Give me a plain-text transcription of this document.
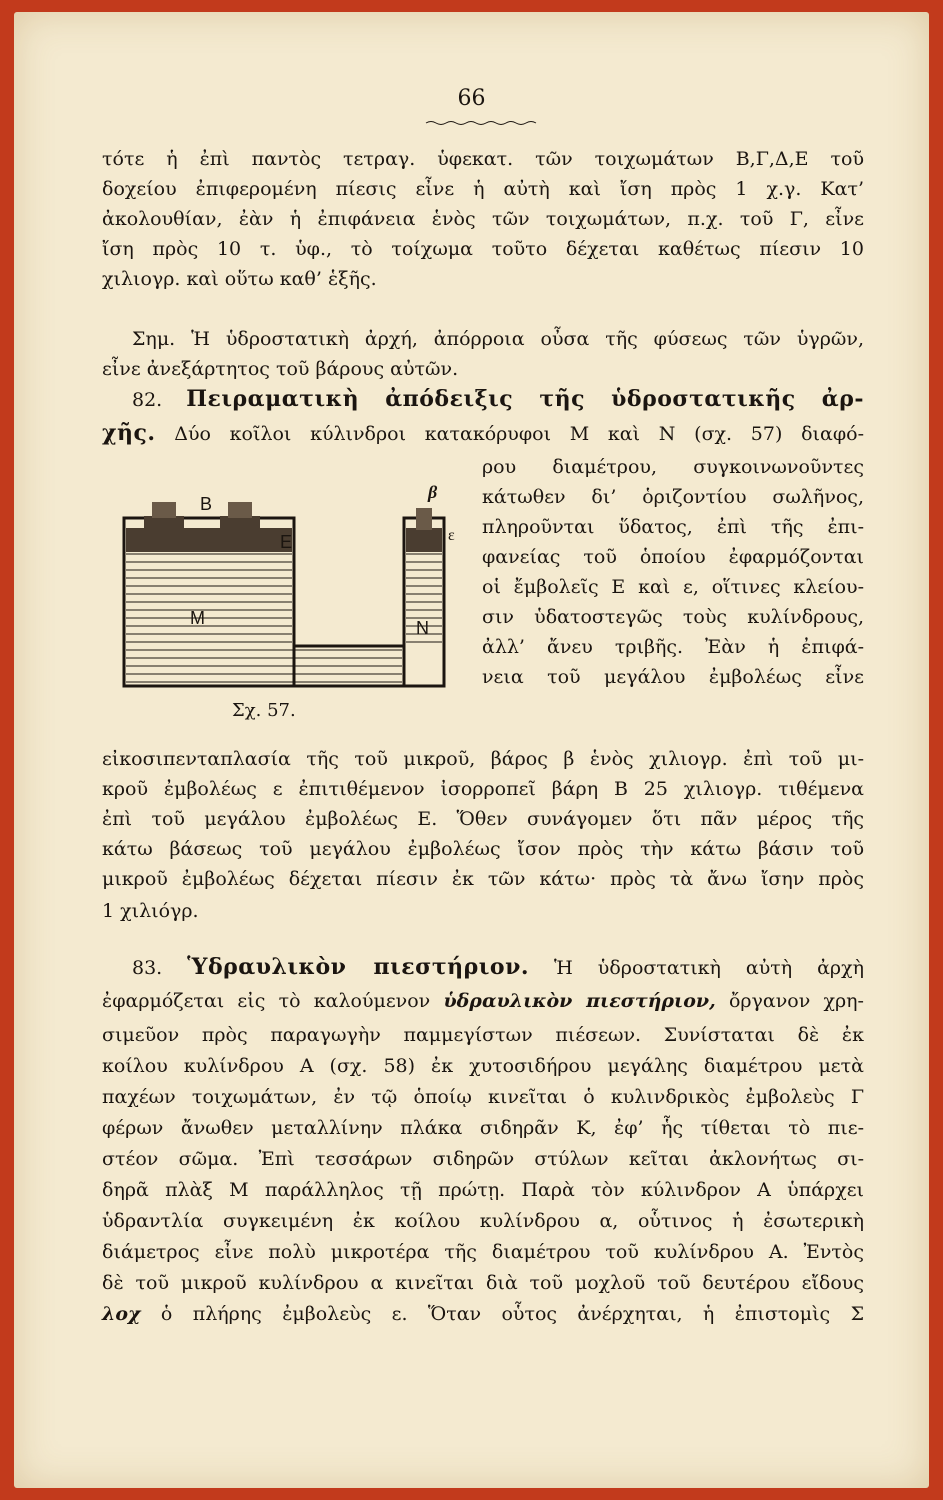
66
τότε ἡ ἐπὶ παντὸς τετραγ. ὑφεκατ. τῶν τοιχωμάτων Β,Γ,Δ,Ε τοῦ
δοχείου ἐπιφερομένη πίεσις εἶνε ἡ αὐτὴ καὶ ἴση πρὸς 1 χ.γ. Κατ’
ἀκολουθίαν, ἐὰν ἡ ἐπιφάνεια ἑνὸς τῶν τοιχωμάτων, π.χ. τοῦ Γ, εἶνε
ἴση πρὸς 10 τ. ὑφ., τὸ τοίχωμα τοῦτο δέχεται καθέτως πίεσιν 10
χιλιογρ. καὶ οὕτω καθ’ ἑξῆς.
Σημ. Ἡ ὑδροστατικὴ ἀρχή, ἀπόρροια οὖσα τῆς φύσεως τῶν ὑγρῶν,
εἶνε ἀνεξάρτητος τοῦ βάρους αὐτῶν.
82. Πειραματικὴ ἀπόδειξις τῆς ὑδροστατικῆς ἀρ-
χῆς. Δύο κοῖλοι κύλινδροι κατακόρυφοι Μ καὶ Ν (σχ. 57) διαφό-
ρου διαμέτρου, συγκοινωνοῦντες
κάτωθεν δι’ ὁριζοντίου σωλῆνος,
πληροῦνται ὕδατος, ἐπὶ τῆς ἐπι-
φανείας τοῦ ὁποίου ἐφαρμόζονται
οἱ ἔμβολεῖς Ε καὶ ε, οἵτινες κλείου-
σιν ὑδατοστεγῶς τοὺς κυλίνδρους,
ἀλλ’ ἄνευ τριβῆς. Ἐὰν ἡ ἐπιφά-
νεια τοῦ μεγάλου ἐμβολέως εἶνε
Β
Ε
β
ε
M	N
Σχ. 57.
εἰκοσιπενταπλασία τῆς τοῦ μικροῦ, βάρος β ἑνὸς χιλιογρ. ἐπὶ τοῦ μι-
κροῦ ἐμβολέως ε ἐπιτιθέμενον ἰσορροπεῖ βάρη Β 25 χιλιογρ. τιθέμενα
ἐπὶ τοῦ μεγάλου ἐμβολέως Ε. Ὅθεν συνάγομεν ὅτι πᾶν μέρος τῆς
κάτω βάσεως τοῦ μεγάλου ἐμβολέως ἴσον πρὸς τὴν κάτω βάσιν τοῦ
μικροῦ ἐμβολέως δέχεται πίεσιν ἐκ τῶν κάτω· πρὸς τὰ ἄνω ἴσην πρὸς
1 χιλιόγρ.
83. Ὑδραυλικὸν πιεστήριον. Ἡ ὑδροστατικὴ αὐτὴ ἀρχὴ
ἐφαρμόζεται εἰς τὸ καλούμενον ὑδραυλικὸν πιεστήριον, ὄργανον χρη-
σιμεῦον πρὸς παραγωγὴν παμμεγίστων πιέσεων. Συνίσταται δὲ ἐκ
κοίλου κυλίνδρου Α (σχ. 58) ἐκ χυτοσιδήρου μεγάλης διαμέτρου μετὰ
παχέων τοιχωμάτων, ἐν τῷ ὁποίῳ κινεῖται ὁ κυλινδρικὸς ἐμβολεὺς Γ
φέρων ἄνωθεν μεταλλίνην πλάκα σιδηρᾶν Κ, ἐφ’ ἧς τίθεται τὸ πιε-
στέον σῶμα. Ἐπὶ τεσσάρων σιδηρῶν στύλων κεῖται ἀκλονήτως σι-
δηρᾶ πλὰξ Μ παράλληλος τῇ πρώτῃ. Παρὰ τὸν κύλινδρον Α ὑπάρχει
ὑδραντλία συγκειμένη ἐκ κοίλου κυλίνδρου α, οὗτινος ἡ ἐσωτερικὴ
διάμετρος εἶνε πολὺ μικροτέρα τῆς διαμέτρου τοῦ κυλίνδρου Α. Ἐντὸς
δὲ τοῦ μικροῦ κυλίνδρου α κινεῖται διὰ τοῦ μοχλοῦ τοῦ δευτέρου εἴδους
λοχ ὁ πλήρης ἐμβολεὺς ε. Ὅταν οὗτος ἀνέρχηται, ἡ ἐπιστομὶς Σ
